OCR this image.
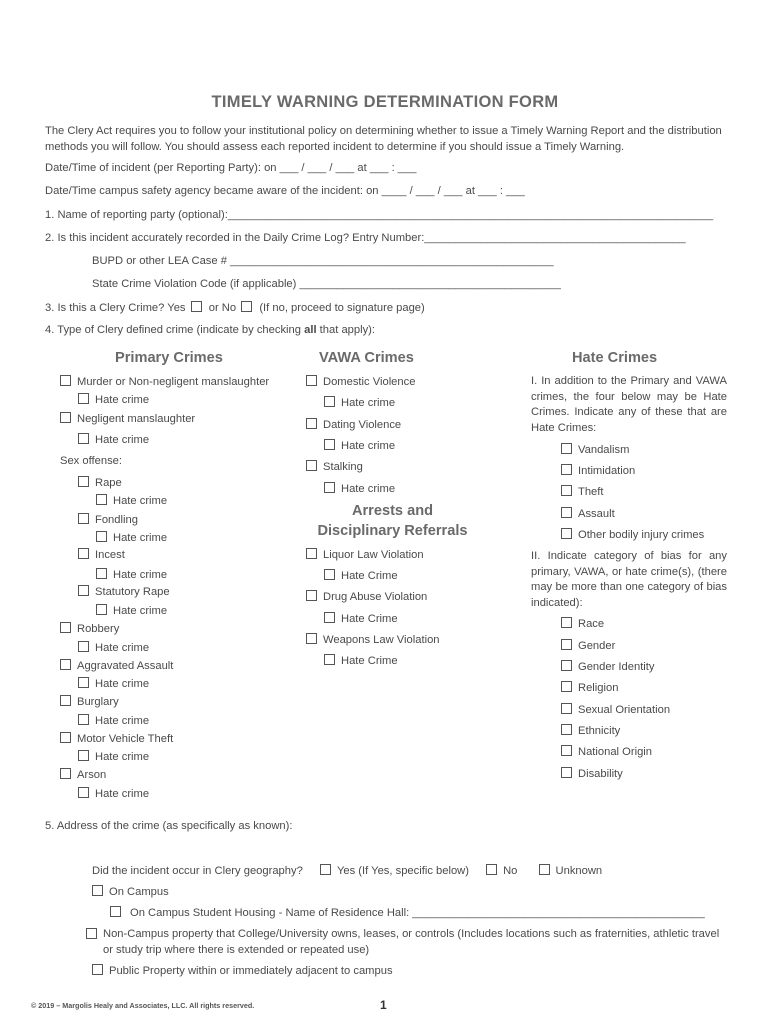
TIMELY WARNING DETERMINATION FORM
The Clery Act requires you to follow your institutional policy on determining whether to issue a Timely Warning Report and the distribution methods you will follow. You should assess each reported incident to determine if you should issue a Timely Warning.
Date/Time of incident (per Reporting Party): on ___ / ___ / ___ at ___ : ___
Date/Time campus safety agency became aware of the incident: on ____ / ___ / ___ at ___ : ___
1. Name of reporting party (optional):______________________________________________________________________________
2. Is this incident accurately recorded in the Daily Crime Log? Entry Number:__________________________________________
BUPD or other LEA Case # ____________________________________________________
State Crime Violation Code (if applicable) __________________________________________
3. Is this a Clery Crime? Yes or No (If no, proceed to signature page)
4. Type of Clery defined crime (indicate by checking all that apply):
Primary Crimes	VAWA Crimes	Hate Crimes
Murder or Non-negligent manslaughter
Hate crime
Negligent manslaughter
Hate crime
Sex offense:
Rape
Hate crime
Fondling
Hate crime
Incest
Hate crime
Statutory Rape
Hate crime
Robbery
Hate crime
Aggravated Assault
Hate crime
Burglary
Hate crime
Motor Vehicle Theft
Hate crime
Arson
Hate crime
Domestic Violence
Hate crime
Dating Violence
Hate crime
Stalking
Hate crime
Arrests and
Disciplinary Referrals
Liquor Law Violation
Hate Crime
Drug Abuse Violation
Hate Crime
Weapons Law Violation
Hate Crime
I. In addition to the Primary and VAWA crimes, the four below may be Hate Crimes. Indicate any of these that are Hate Crimes:
Vandalism
Intimidation
Theft
Assault
Other bodily injury crimes
II. Indicate category of bias for any primary, VAWA, or hate crime(s), (there may be more than one category of bias indicated):
Race
Gender
Gender Identity
Religion
Sexual Orientation
Ethnicity
National Origin
Disability
5. Address of the crime (as specifically as known):
Did the incident occur in Clery geography?	Yes (If Yes, specific below)	No	Unknown
On Campus
On Campus Student Housing - Name of Residence Hall: _______________________________________________
Non-Campus property that College/University owns, leases, or controls (Includes locations such as fraternities, athletic travel or study trip where there is extended or repeated use)
Public Property within or immediately adjacent to campus
© 2019 – Margolis Healy and Associates, LLC. All rights reserved.	1
